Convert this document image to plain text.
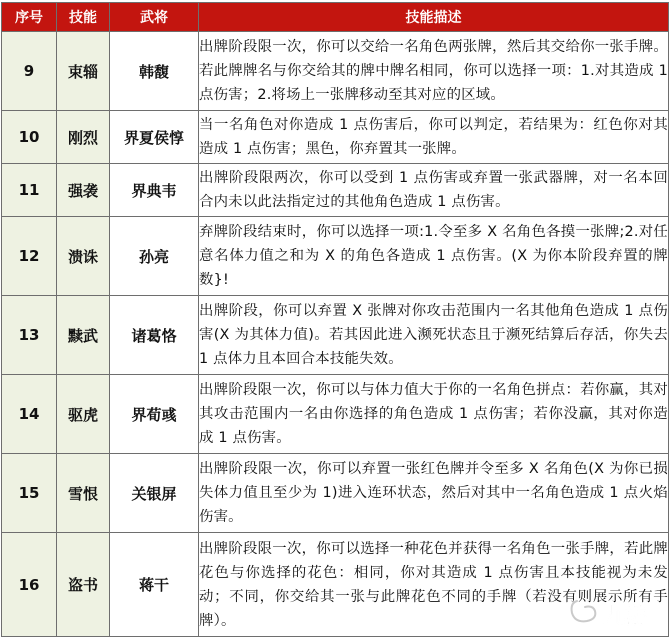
序号	技能	武将	技能描述
9	束辎	韩馥	出牌阶段限一次，你可以交给一名角色两张牌，然后其交给你一张手牌。若此牌牌名与你交给其的牌中牌名相同，你可以选择一项：1.对其造成 1 点伤害；2.将场上一张牌移动至其对应的区域。
10	刚烈	界夏侯惇	当一名角色对你造成 1 点伤害后，你可以判定，若结果为：红色你对其造成 1 点伤害；黑色，你弃置其一张牌。
11	强袭	界典韦	出牌阶段限两次，你可以受到 1 点伤害或弃置一张武器牌，对一名本回合内未以此法指定过的其他角色造成 1 点伤害。
12	溃诛	孙亮	弃牌阶段结束时，你可以选择一项:1.令至多 X 名角色各摸一张牌;2.对任意名体力值之和为 X 的角色各造成 1 点伤害。(X 为你本阶段弃置的牌数}!
13	黩武	诸葛恪	出牌阶段，你可以弃置 X 张牌对你攻击范围内一名其他角色造成 1 点伤害(X 为其体力值)。若其因此进入濒死状态且于濒死结算后存活，你失去 1 点体力且本回合本技能失效。
14	驱虎	界荀彧	出牌阶段限一次，你可以与体力值大于你的一名角色拼点：若你赢，其对其攻击范围内一名由你选择的角色造成 1 点伤害；若你没赢，其对你造成 1 点伤害。
15	雪恨	关银屏	出牌阶段限一次，你可以弃置一张红色牌并令至多 X 名角色(X 为你已损失体力值且至少为 1)进入连环状态，然后对其中一名角色造成 1 点火焰伤害。
16	盗书	蒋干	出牌阶段限一次，你可以选择一种花色并获得一名角色一张手牌，若此牌花色与你选择的花色：相同，你对其造成 1 点伤害且本技能视为未发动；不同，你交给其一张与此牌花色不同的手牌（若没有则展示所有手牌）。	九游
